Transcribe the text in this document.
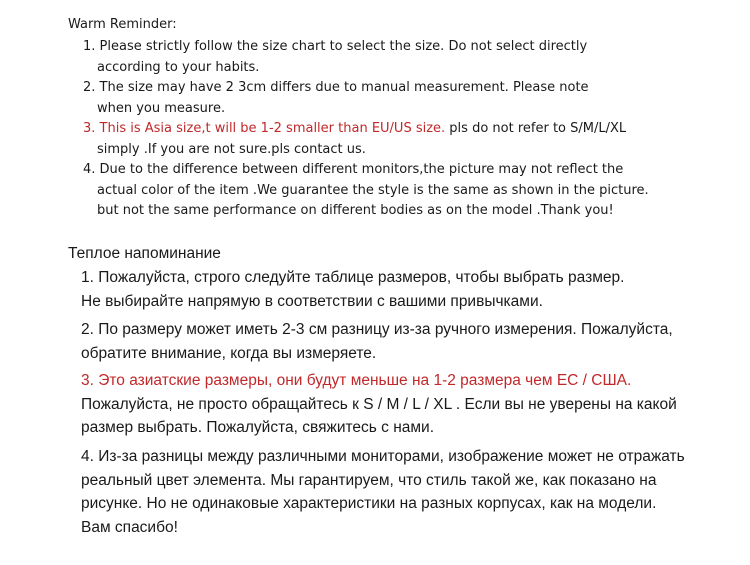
Warm Reminder:
1. Please strictly follow the size chart to select the size. Do not select directly
according to your habits.
2. The size may have 2 3cm differs due to manual measurement. Please note
when you measure.
3. This is Asia size,t will be 1-2 smaller than EU/US size. pls do not refer to S/M/L/XL
simply .If you are not sure.pls contact us.
4. Due to the difference between different monitors,the picture may not reflect the
actual color of the item .We guarantee the style is the same as shown in the picture.
but not the same performance on different bodies as on the model .Thank you!
Теплое напоминание
1. Пожалуйста, строго следуйте таблице размеров, чтобы выбрать размер.
Не выбирайте напрямую в соответствии с вашими привычками.
2. По размеру может иметь 2-3 см разницу из-за ручного измерения. Пожалуйста,
обратите внимание, когда вы измеряете.
3. Это азиатские размеры, они будут меньше на 1-2 размера чем ЕС / США.
Пожалуйста, не просто обращайтесь к S / M / L / XL . Если вы не уверены на какой
размер выбрать. Пожалуйста, свяжитесь с нами.
4. Из-за разницы между различными мониторами, изображение может не отражать
реальный цвет элемента. Мы гарантируем, что стиль такой же, как показано на
рисунке. Но не одинаковые характеристики на разных корпусах, как на модели.
Вам спасибо!
